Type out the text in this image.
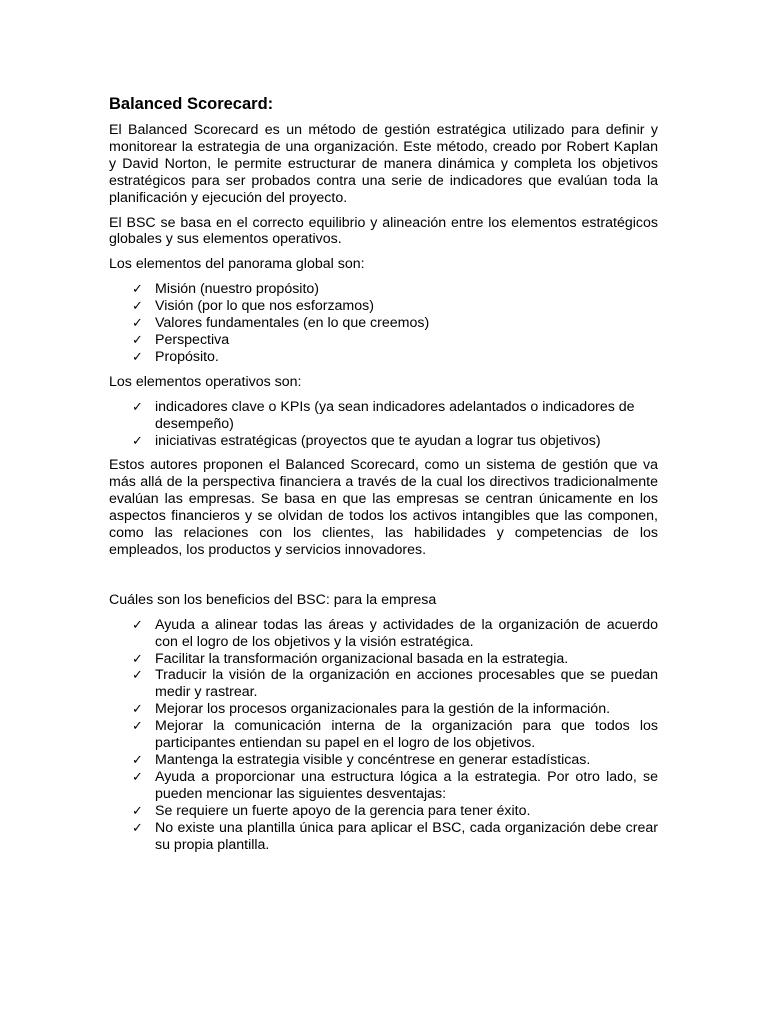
Balanced Scorecard:

El Balanced Scorecard es un método de gestión estratégica utilizado para definir y monitorear la estrategia de una organización. Este método, creado por Robert Kaplan y David Norton, le permite estructurar de manera dinámica y completa los objetivos estratégicos para ser probados contra una serie de indicadores que evalúan toda la planificación y ejecución del proyecto.

El BSC se basa en el correcto equilibrio y alineación entre los elementos estratégicos globales y sus elementos operativos.

Los elementos del panorama global son:

✓ Misión (nuestro propósito)
✓ Visión (por lo que nos esforzamos)
✓ Valores fundamentales (en lo que creemos)
✓ Perspectiva
✓ Propósito.

Los elementos operativos son:

✓ indicadores clave o KPIs (ya sean indicadores adelantados o indicadores de desempeño)
✓ iniciativas estratégicas (proyectos que te ayudan a lograr tus objetivos)

Estos autores proponen el Balanced Scorecard, como un sistema de gestión que va más allá de la perspectiva financiera a través de la cual los directivos tradicionalmente evalúan las empresas. Se basa en que las empresas se centran únicamente en los aspectos financieros y se olvidan de todos los activos intangibles que las componen, como las relaciones con los clientes, las habilidades y competencias de los empleados, los productos y servicios innovadores.

Cuáles son los beneficios del BSC: para la empresa

✓ Ayuda a alinear todas las áreas y actividades de la organización de acuerdo con el logro de los objetivos y la visión estratégica.
✓ Facilitar la transformación organizacional basada en la estrategia.
✓ Traducir la visión de la organización en acciones procesables que se puedan medir y rastrear.
✓ Mejorar los procesos organizacionales para la gestión de la información.
✓ Mejorar la comunicación interna de la organización para que todos los participantes entiendan su papel en el logro de los objetivos.
✓ Mantenga la estrategia visible y concéntrese en generar estadísticas.
✓ Ayuda a proporcionar una estructura lógica a la estrategia. Por otro lado, se pueden mencionar las siguientes desventajas:
✓ Se requiere un fuerte apoyo de la gerencia para tener éxito.
✓ No existe una plantilla única para aplicar el BSC, cada organización debe crear su propia plantilla.
